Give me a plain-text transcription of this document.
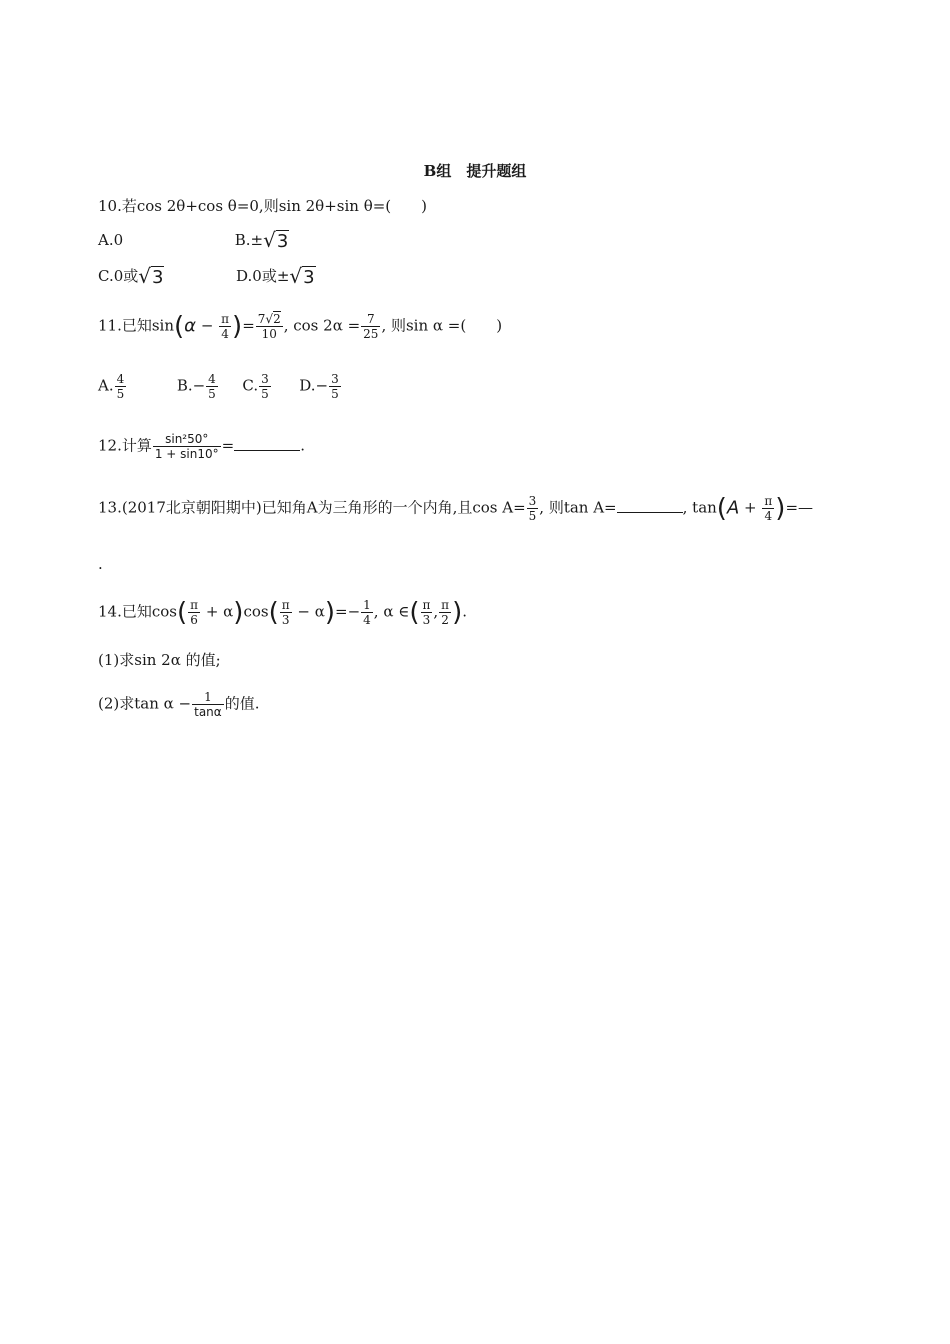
B组　提升题组
10.若cos 2θ+cos θ=0,则sin 2θ+sin θ=(　　)
A.0	B.±√3
C.0或√3	D.0或±√3
11.已知$\sin(\alpha - \frac{\pi}{4}$ )= $\frac{7√2}{10}$ , $\cos 2\alpha = \frac{7}{25}$ , 则sin α =(　　)
A. $\frac{4}{5}$	$B.- \frac{4}{5} C$. $\frac{3}{5} D.- \frac{3}{5}$
12.计算 $\frac{\text{sin²50°}}{1 + \sin 10^\circ}$ =	.
13.(2017北京朝阳期中)已知角A为三角形的一个内角,且$\cos A= \frac{3}{5}$ , 则tan A=	, $\tan(A + \frac{\pi}{4}$ )=—
.
14.已知$\cos( \frac{\pi}{6} + \alpha)\cos( \frac{\pi}{3} - \alpha)=- \frac{1}{4}$ , α ∈( $\frac{\pi}{3}$ , $\frac{\pi}{2}$ ).
(1)求sin 2α 的值;
(2)求$\tan \alpha - \frac{1}{\tan\alpha}$ 的值.
